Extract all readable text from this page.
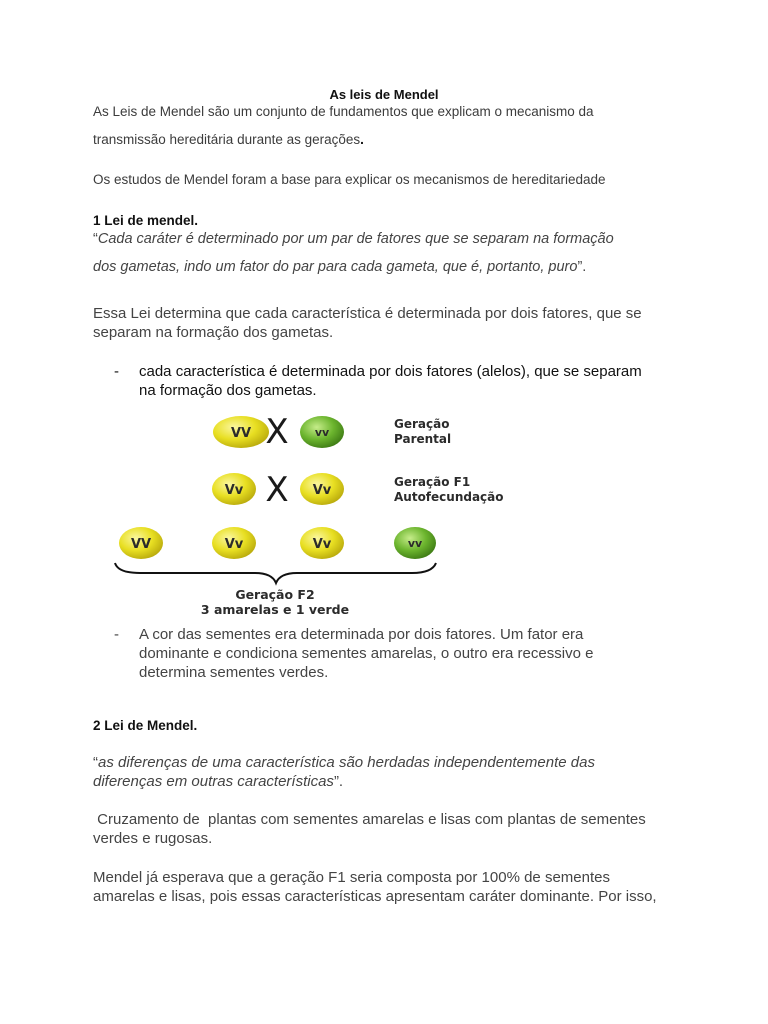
As leis de Mendel
As Leis de Mendel são um conjunto de fundamentos que explicam o mecanismo da
transmissão hereditária durante as gerações.
Os estudos de Mendel foram a base para explicar os mecanismos de hereditariedade
1 Lei de mendel.
“Cada caráter é determinado por um par de fatores que se separam na formação
dos gametas, indo um fator do par para cada gameta, que é, portanto, puro”.
Essa Lei determina que cada característica é determinada por dois fatores, que se
separam na formação dos gametas.
- cada característica é determinada por dois fatores (alelos), que se separam
na formação dos gametas.
VV X vv
Geração
Parental
Vv X Vv
Geração F1
Autofecundação
VV	Vv	Vv	vv
Geração F2
3 amarelas e 1 verde
- A cor das sementes era determinada por dois fatores. Um fator era
dominante e condiciona sementes amarelas, o outro era recessivo e
determina sementes verdes.
2 Lei de Mendel.
“as diferenças de uma característica são herdadas independentemente das
diferenças em outras características”.
Cruzamento de  plantas com sementes amarelas e lisas com plantas de sementes
verdes e rugosas.
Mendel já esperava que a geração F1 seria composta por 100% de sementes
amarelas e lisas, pois essas características apresentam caráter dominante. Por isso,
